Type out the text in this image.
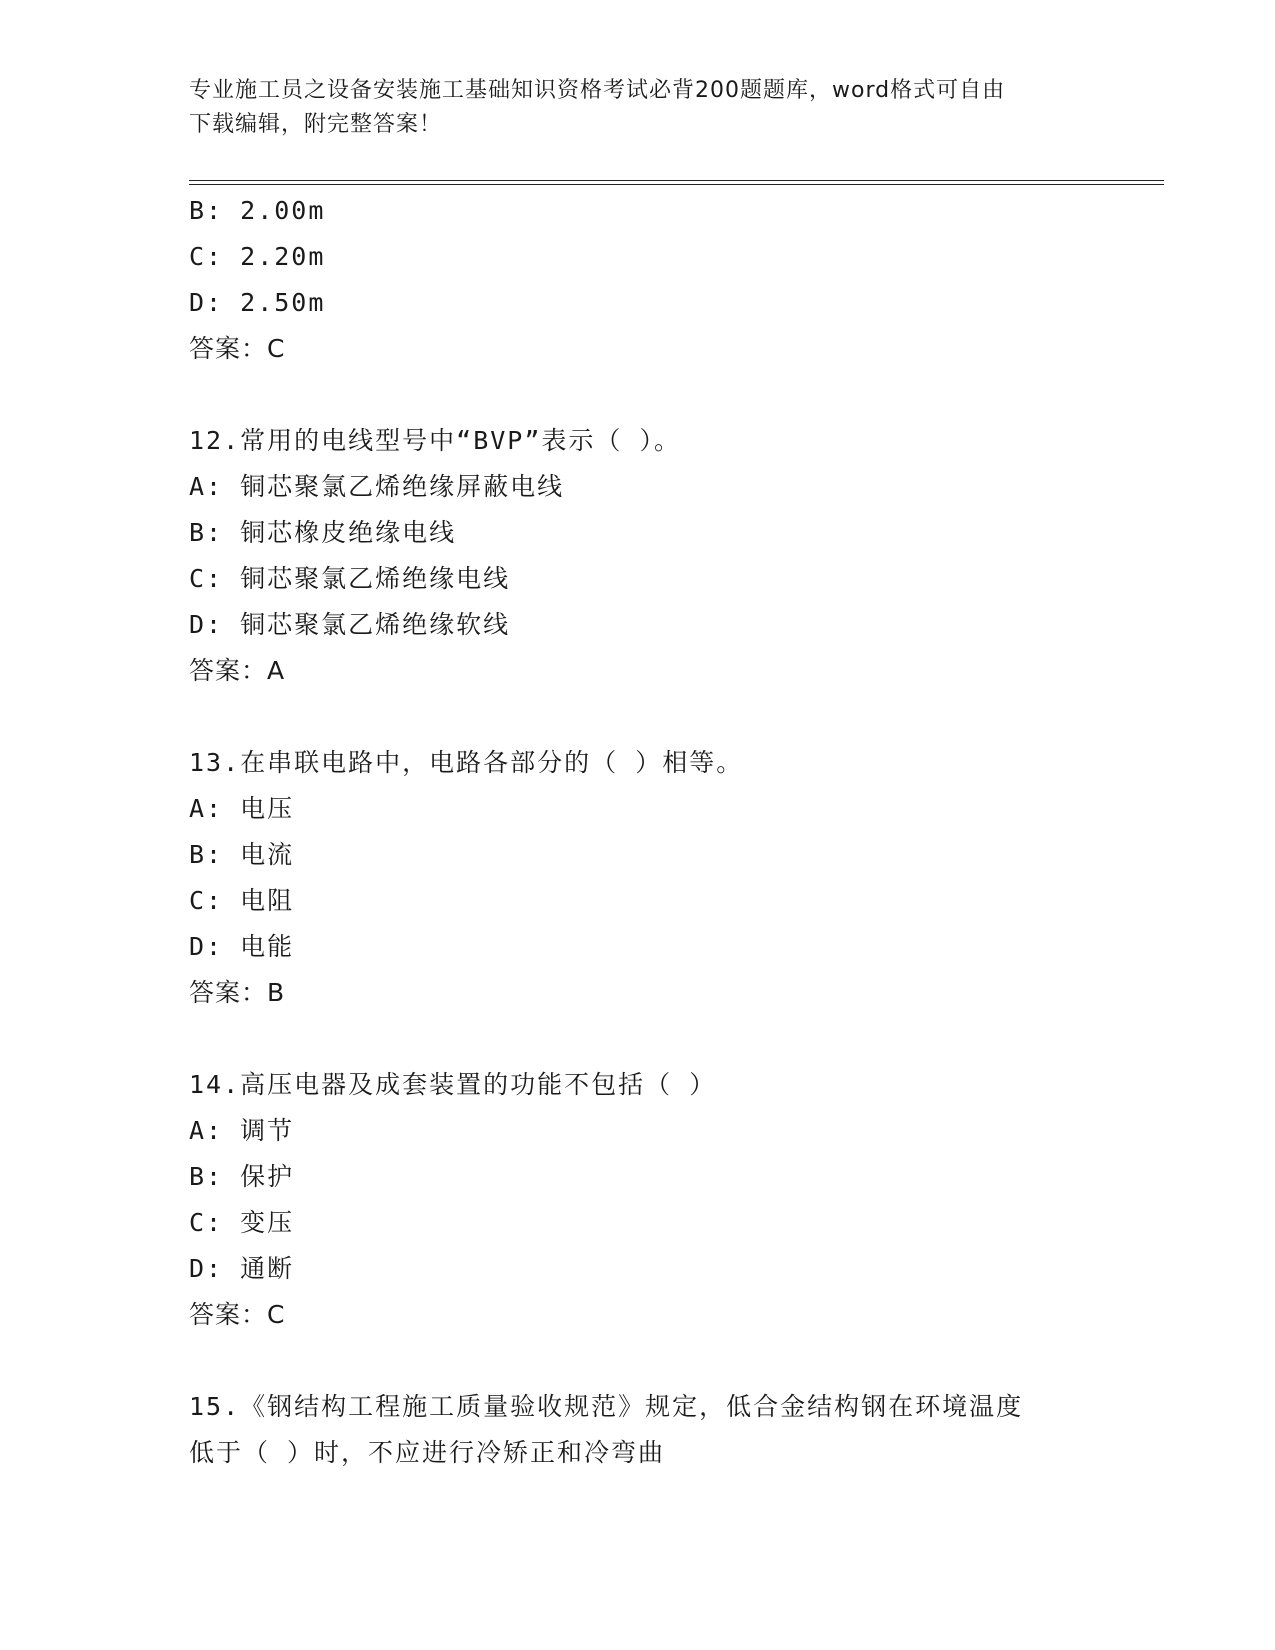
专业施工员之设备安装施工基础知识资格考试必背200题题库，word格式可自由
下载编辑，附完整答案！
B: 2.00m
C: 2.20m
D: 2.50m
答案：C
12.常用的电线型号中“BVP”表示（ ）。
A: 铜芯聚氯乙烯绝缘屏蔽电线
B: 铜芯橡皮绝缘电线
C: 铜芯聚氯乙烯绝缘电线
D: 铜芯聚氯乙烯绝缘软线
答案：A
13.在串联电路中，电路各部分的（ ）相等。
A: 电压
B: 电流
C: 电阻
D: 电能
答案：B
14.高压电器及成套装置的功能不包括（ ）
A: 调节
B: 保护
C: 变压
D: 通断
答案：C
15.《钢结构工程施工质量验收规范》规定，低合金结构钢在环境温度
低于（ ）时，不应进行冷矫正和冷弯曲
